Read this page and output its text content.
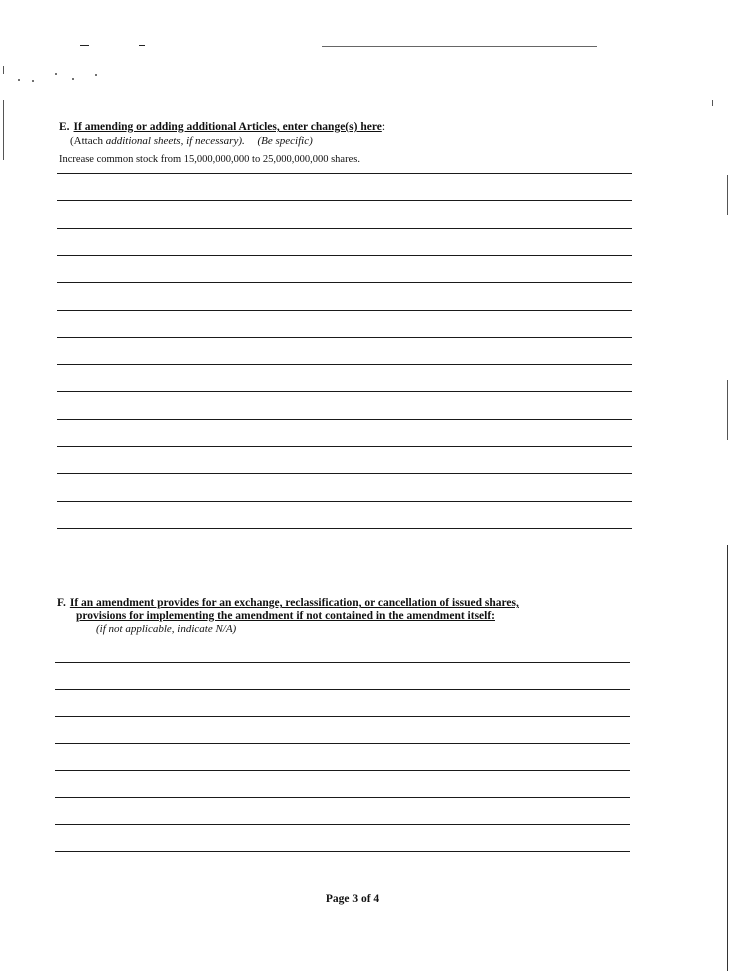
E. If amending or adding additional Articles, enter change(s) here:
(Attach additional sheets, if necessary). (Be specific)
Increase common stock from 15,000,000,000 to 25,000,000,000 shares.
F. If an amendment provides for an exchange, reclassification, or cancellation of issued shares,
provisions for implementing the amendment if not contained in the amendment itself:
(if not applicable, indicate N/A)
Page 3 of 4
